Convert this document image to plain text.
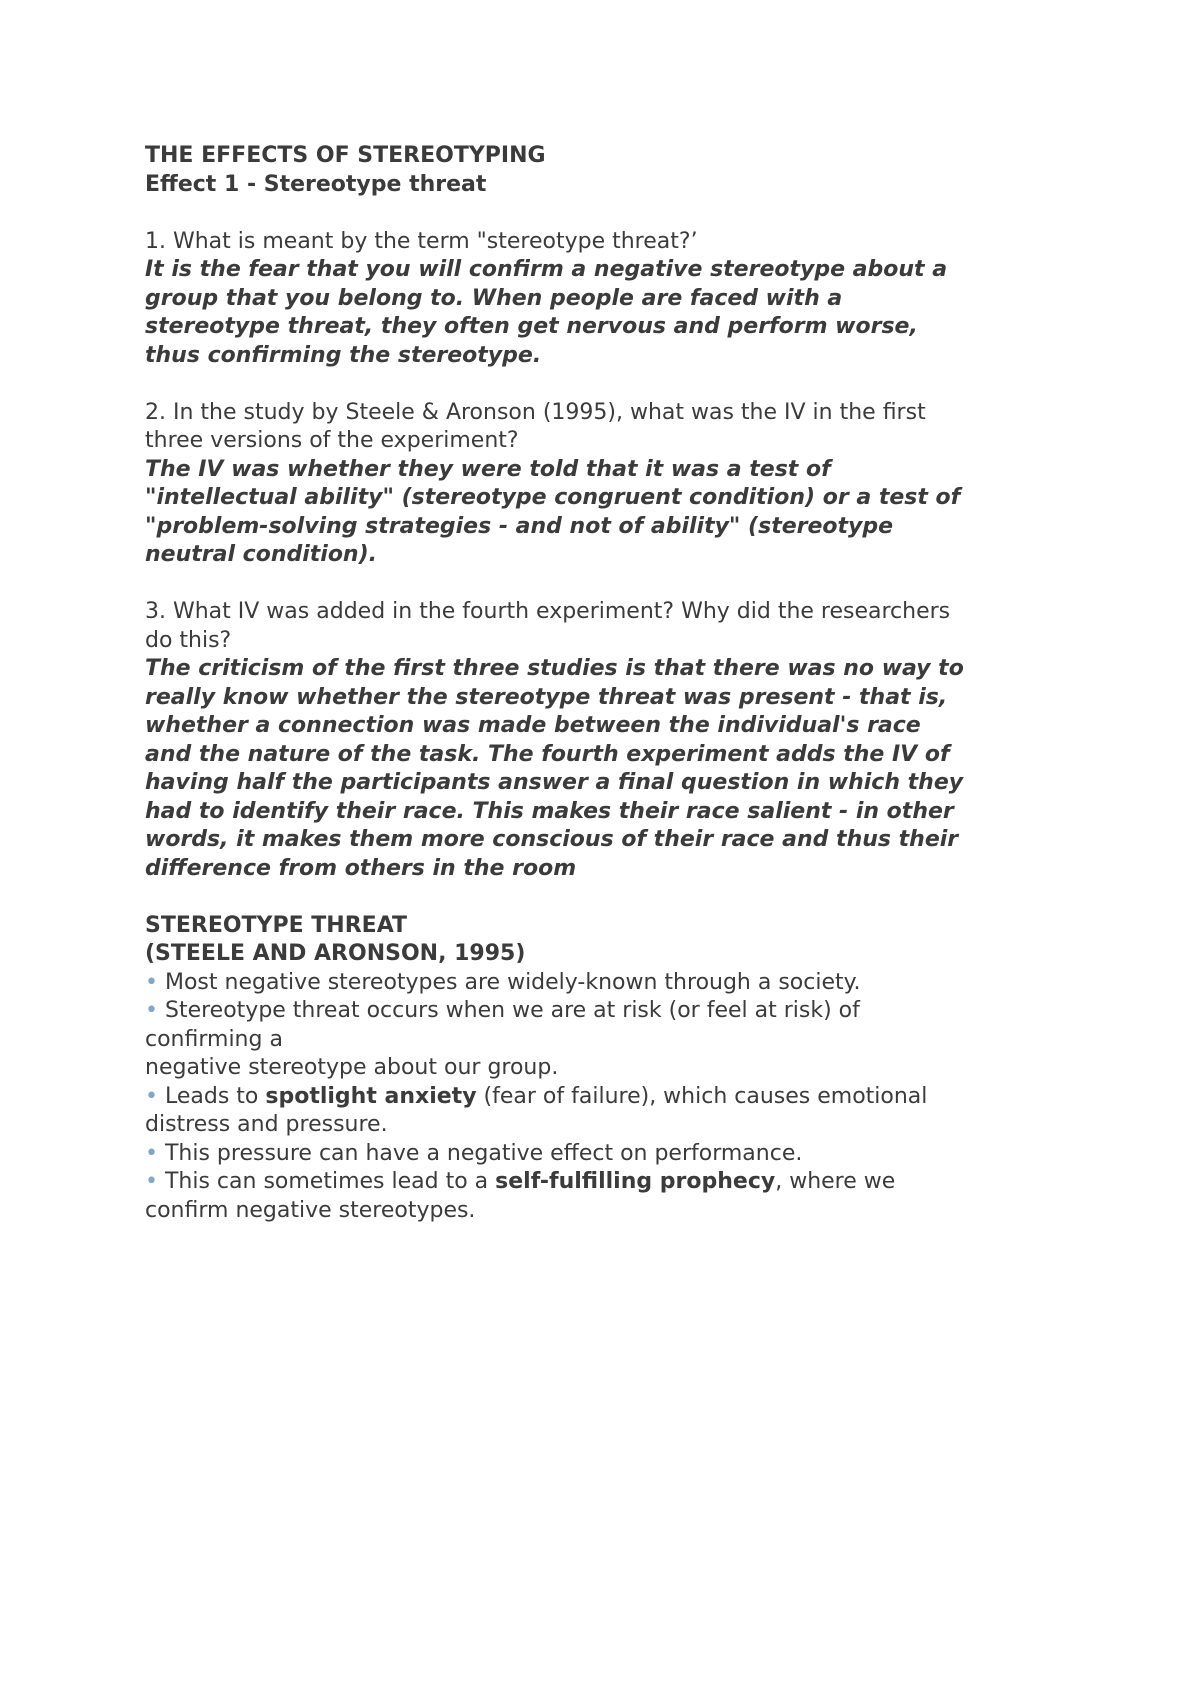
THE EFFECTS OF STEREOTYPING
Effect 1 - Stereotype threat
1. What is meant by the term "stereotype threat?’
It is the fear that you will confirm a negative stereotype about a
group that you belong to. When people are faced with a
stereotype threat, they often get nervous and perform worse,
thus confirming the stereotype.
2. In the study by Steele & Aronson (1995), what was the IV in the first
three versions of the experiment?
The IV was whether they were told that it was a test of
"intellectual ability" (stereotype congruent condition) or a test of
"problem-solving strategies - and not of ability" (stereotype
neutral condition).
3. What IV was added in the fourth experiment? Why did the researchers
do this?
The criticism of the first three studies is that there was no way to
really know whether the stereotype threat was present - that is,
whether a connection was made between the individual's race
and the nature of the task. The fourth experiment adds the IV of
having half the participants answer a final question in which they
had to identify their race. This makes their race salient - in other
words, it makes them more conscious of their race and thus their
difference from others in the room
STEREOTYPE THREAT
(STEELE AND ARONSON, 1995)
• Most negative stereotypes are widely-known through a society.
• Stereotype threat occurs when we are at risk (or feel at risk) of
confirming a
negative stereotype about our group.
• Leads to spotlight anxiety (fear of failure), which causes emotional
distress and pressure.
• This pressure can have a negative effect on performance.
• This can sometimes lead to a self-fulfilling prophecy, where we
confirm negative stereotypes.
